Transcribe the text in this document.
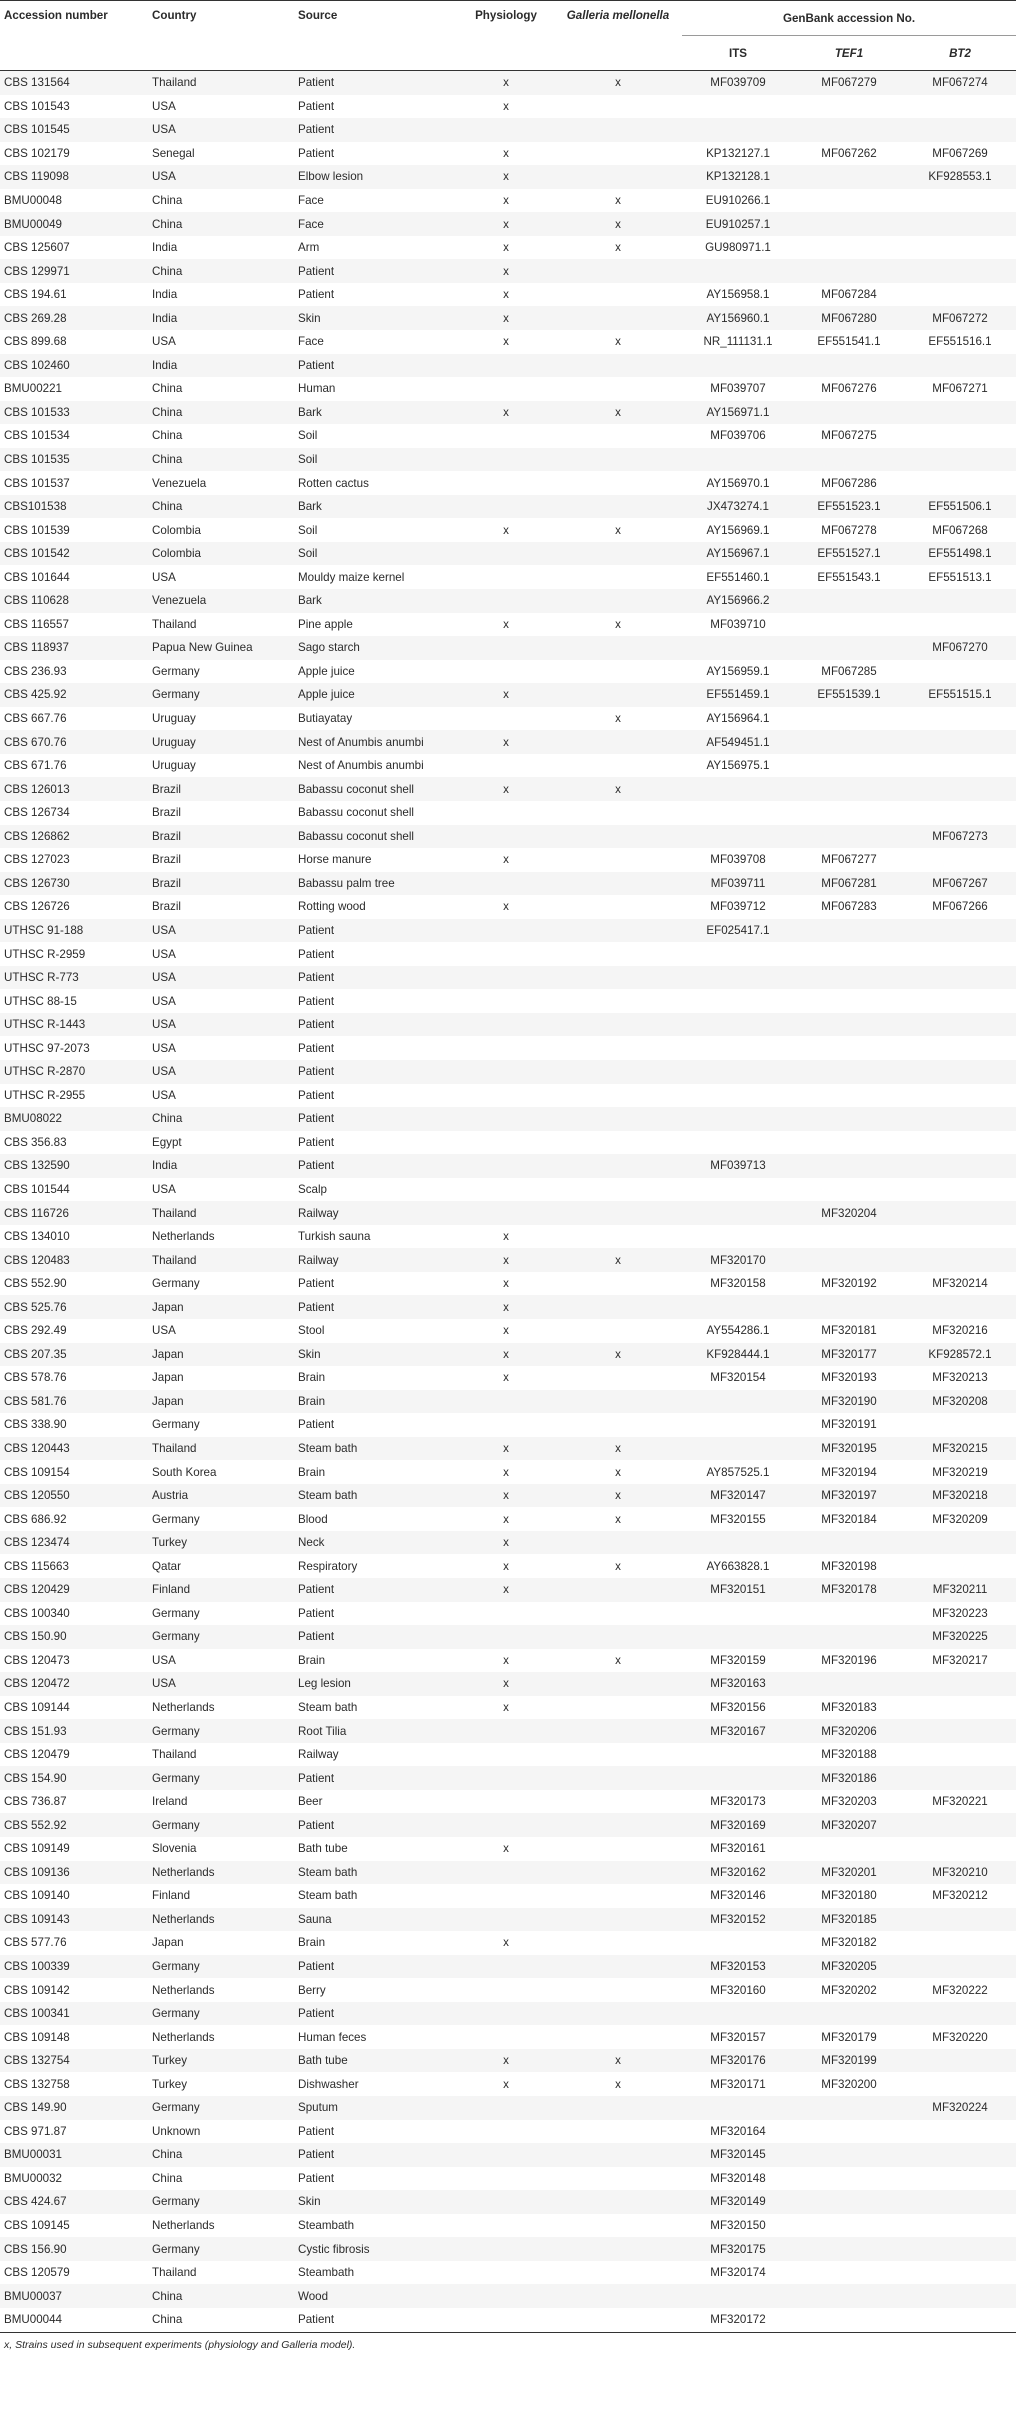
Accession number	Country	Source	Physiology	Galleria mellonella	GenBank accession No.		
					ITS	TEF1	BT2
CBS 131564	Thailand	Patient	x	x	MF039709	MF067279	MF067274
CBS 101543	USA	Patient	x				
CBS 101545	USA	Patient					
CBS 102179	Senegal	Patient	x		KP132127.1	MF067262	MF067269
CBS 119098	USA	Elbow lesion	x		KP132128.1		KF928553.1
BMU00048	China	Face	x	x	EU910266.1		
BMU00049	China	Face	x	x	EU910257.1		
CBS 125607	India	Arm	x	x	GU980971.1		
CBS 129971	China	Patient	x				
CBS 194.61	India	Patient	x		AY156958.1	MF067284	
CBS 269.28	India	Skin	x		AY156960.1	MF067280	MF067272
CBS 899.68	USA	Face	x	x	NR_111131.1	EF551541.1	EF551516.1
CBS 102460	India	Patient					
BMU00221	China	Human			MF039707	MF067276	MF067271
CBS 101533	China	Bark	x	x	AY156971.1		
CBS 101534	China	Soil			MF039706	MF067275	
CBS 101535	China	Soil					
CBS 101537	Venezuela	Rotten cactus			AY156970.1	MF067286	
CBS101538	China	Bark			JX473274.1	EF551523.1	EF551506.1
CBS 101539	Colombia	Soil	x	x	AY156969.1	MF067278	MF067268
CBS 101542	Colombia	Soil			AY156967.1	EF551527.1	EF551498.1
CBS 101644	USA	Mouldy maize kernel			EF551460.1	EF551543.1	EF551513.1
CBS 110628	Venezuela	Bark			AY156966.2		
CBS 116557	Thailand	Pine apple	x	x	MF039710		
CBS 118937	Papua New Guinea	Sago starch					MF067270
CBS 236.93	Germany	Apple juice			AY156959.1	MF067285	
CBS 425.92	Germany	Apple juice	x		EF551459.1	EF551539.1	EF551515.1
CBS 667.76	Uruguay	Butiayatay		x	AY156964.1		
CBS 670.76	Uruguay	Nest of Anumbis anumbi	x		AF549451.1		
CBS 671.76	Uruguay	Nest of Anumbis anumbi			AY156975.1		
CBS 126013	Brazil	Babassu coconut shell	x	x			
CBS 126734	Brazil	Babassu coconut shell					
CBS 126862	Brazil	Babassu coconut shell					MF067273
CBS 127023	Brazil	Horse manure	x		MF039708	MF067277	
CBS 126730	Brazil	Babassu palm tree			MF039711	MF067281	MF067267
CBS 126726	Brazil	Rotting wood	x		MF039712	MF067283	MF067266
UTHSC 91-188	USA	Patient			EF025417.1		
UTHSC R-2959	USA	Patient					
UTHSC R-773	USA	Patient					
UTHSC 88-15	USA	Patient					
UTHSC R-1443	USA	Patient					
UTHSC 97-2073	USA	Patient					
UTHSC R-2870	USA	Patient					
UTHSC R-2955	USA	Patient					
BMU08022	China	Patient					
CBS 356.83	Egypt	Patient					
CBS 132590	India	Patient			MF039713		
CBS 101544	USA	Scalp					
CBS 116726	Thailand	Railway				MF320204	
CBS 134010	Netherlands	Turkish sauna	x				
CBS 120483	Thailand	Railway	x	x	MF320170		
CBS 552.90	Germany	Patient	x		MF320158	MF320192	MF320214
CBS 525.76	Japan	Patient	x				
CBS 292.49	USA	Stool	x		AY554286.1	MF320181	MF320216
CBS 207.35	Japan	Skin	x	x	KF928444.1	MF320177	KF928572.1
CBS 578.76	Japan	Brain	x		MF320154	MF320193	MF320213
CBS 581.76	Japan	Brain				MF320190	MF320208
CBS 338.90	Germany	Patient				MF320191	
CBS 120443	Thailand	Steam bath	x	x		MF320195	MF320215
CBS 109154	South Korea	Brain	x	x	AY857525.1	MF320194	MF320219
CBS 120550	Austria	Steam bath	x	x	MF320147	MF320197	MF320218
CBS 686.92	Germany	Blood	x	x	MF320155	MF320184	MF320209
CBS 123474	Turkey	Neck	x				
CBS 115663	Qatar	Respiratory	x	x	AY663828.1	MF320198	
CBS 120429	Finland	Patient	x		MF320151	MF320178	MF320211
CBS 100340	Germany	Patient					MF320223
CBS 150.90	Germany	Patient					MF320225
CBS 120473	USA	Brain	x	x	MF320159	MF320196	MF320217
CBS 120472	USA	Leg lesion	x		MF320163		
CBS 109144	Netherlands	Steam bath	x		MF320156	MF320183	
CBS 151.93	Germany	Root Tilia			MF320167	MF320206	
CBS 120479	Thailand	Railway				MF320188	
CBS 154.90	Germany	Patient				MF320186	
CBS 736.87	Ireland	Beer			MF320173	MF320203	MF320221
CBS 552.92	Germany	Patient			MF320169	MF320207	
CBS 109149	Slovenia	Bath tube	x		MF320161		
CBS 109136	Netherlands	Steam bath			MF320162	MF320201	MF320210
CBS 109140	Finland	Steam bath			MF320146	MF320180	MF320212
CBS 109143	Netherlands	Sauna			MF320152	MF320185	
CBS 577.76	Japan	Brain	x			MF320182	
CBS 100339	Germany	Patient			MF320153	MF320205	
CBS 109142	Netherlands	Berry			MF320160	MF320202	MF320222
CBS 100341	Germany	Patient					
CBS 109148	Netherlands	Human feces			MF320157	MF320179	MF320220
CBS 132754	Turkey	Bath tube	x	x	MF320176	MF320199	
CBS 132758	Turkey	Dishwasher	x	x	MF320171	MF320200	
CBS 149.90	Germany	Sputum					MF320224
CBS 971.87	Unknown	Patient			MF320164		
BMU00031	China	Patient			MF320145		
BMU00032	China	Patient			MF320148		
CBS 424.67	Germany	Skin			MF320149		
CBS 109145	Netherlands	Steambath			MF320150		
CBS 156.90	Germany	Cystic fibrosis			MF320175		
CBS 120579	Thailand	Steambath			MF320174		
BMU00037	China	Wood					
BMU00044	China	Patient			MF320172		
x, Strains used in subsequent experiments (physiology and Galleria model).
